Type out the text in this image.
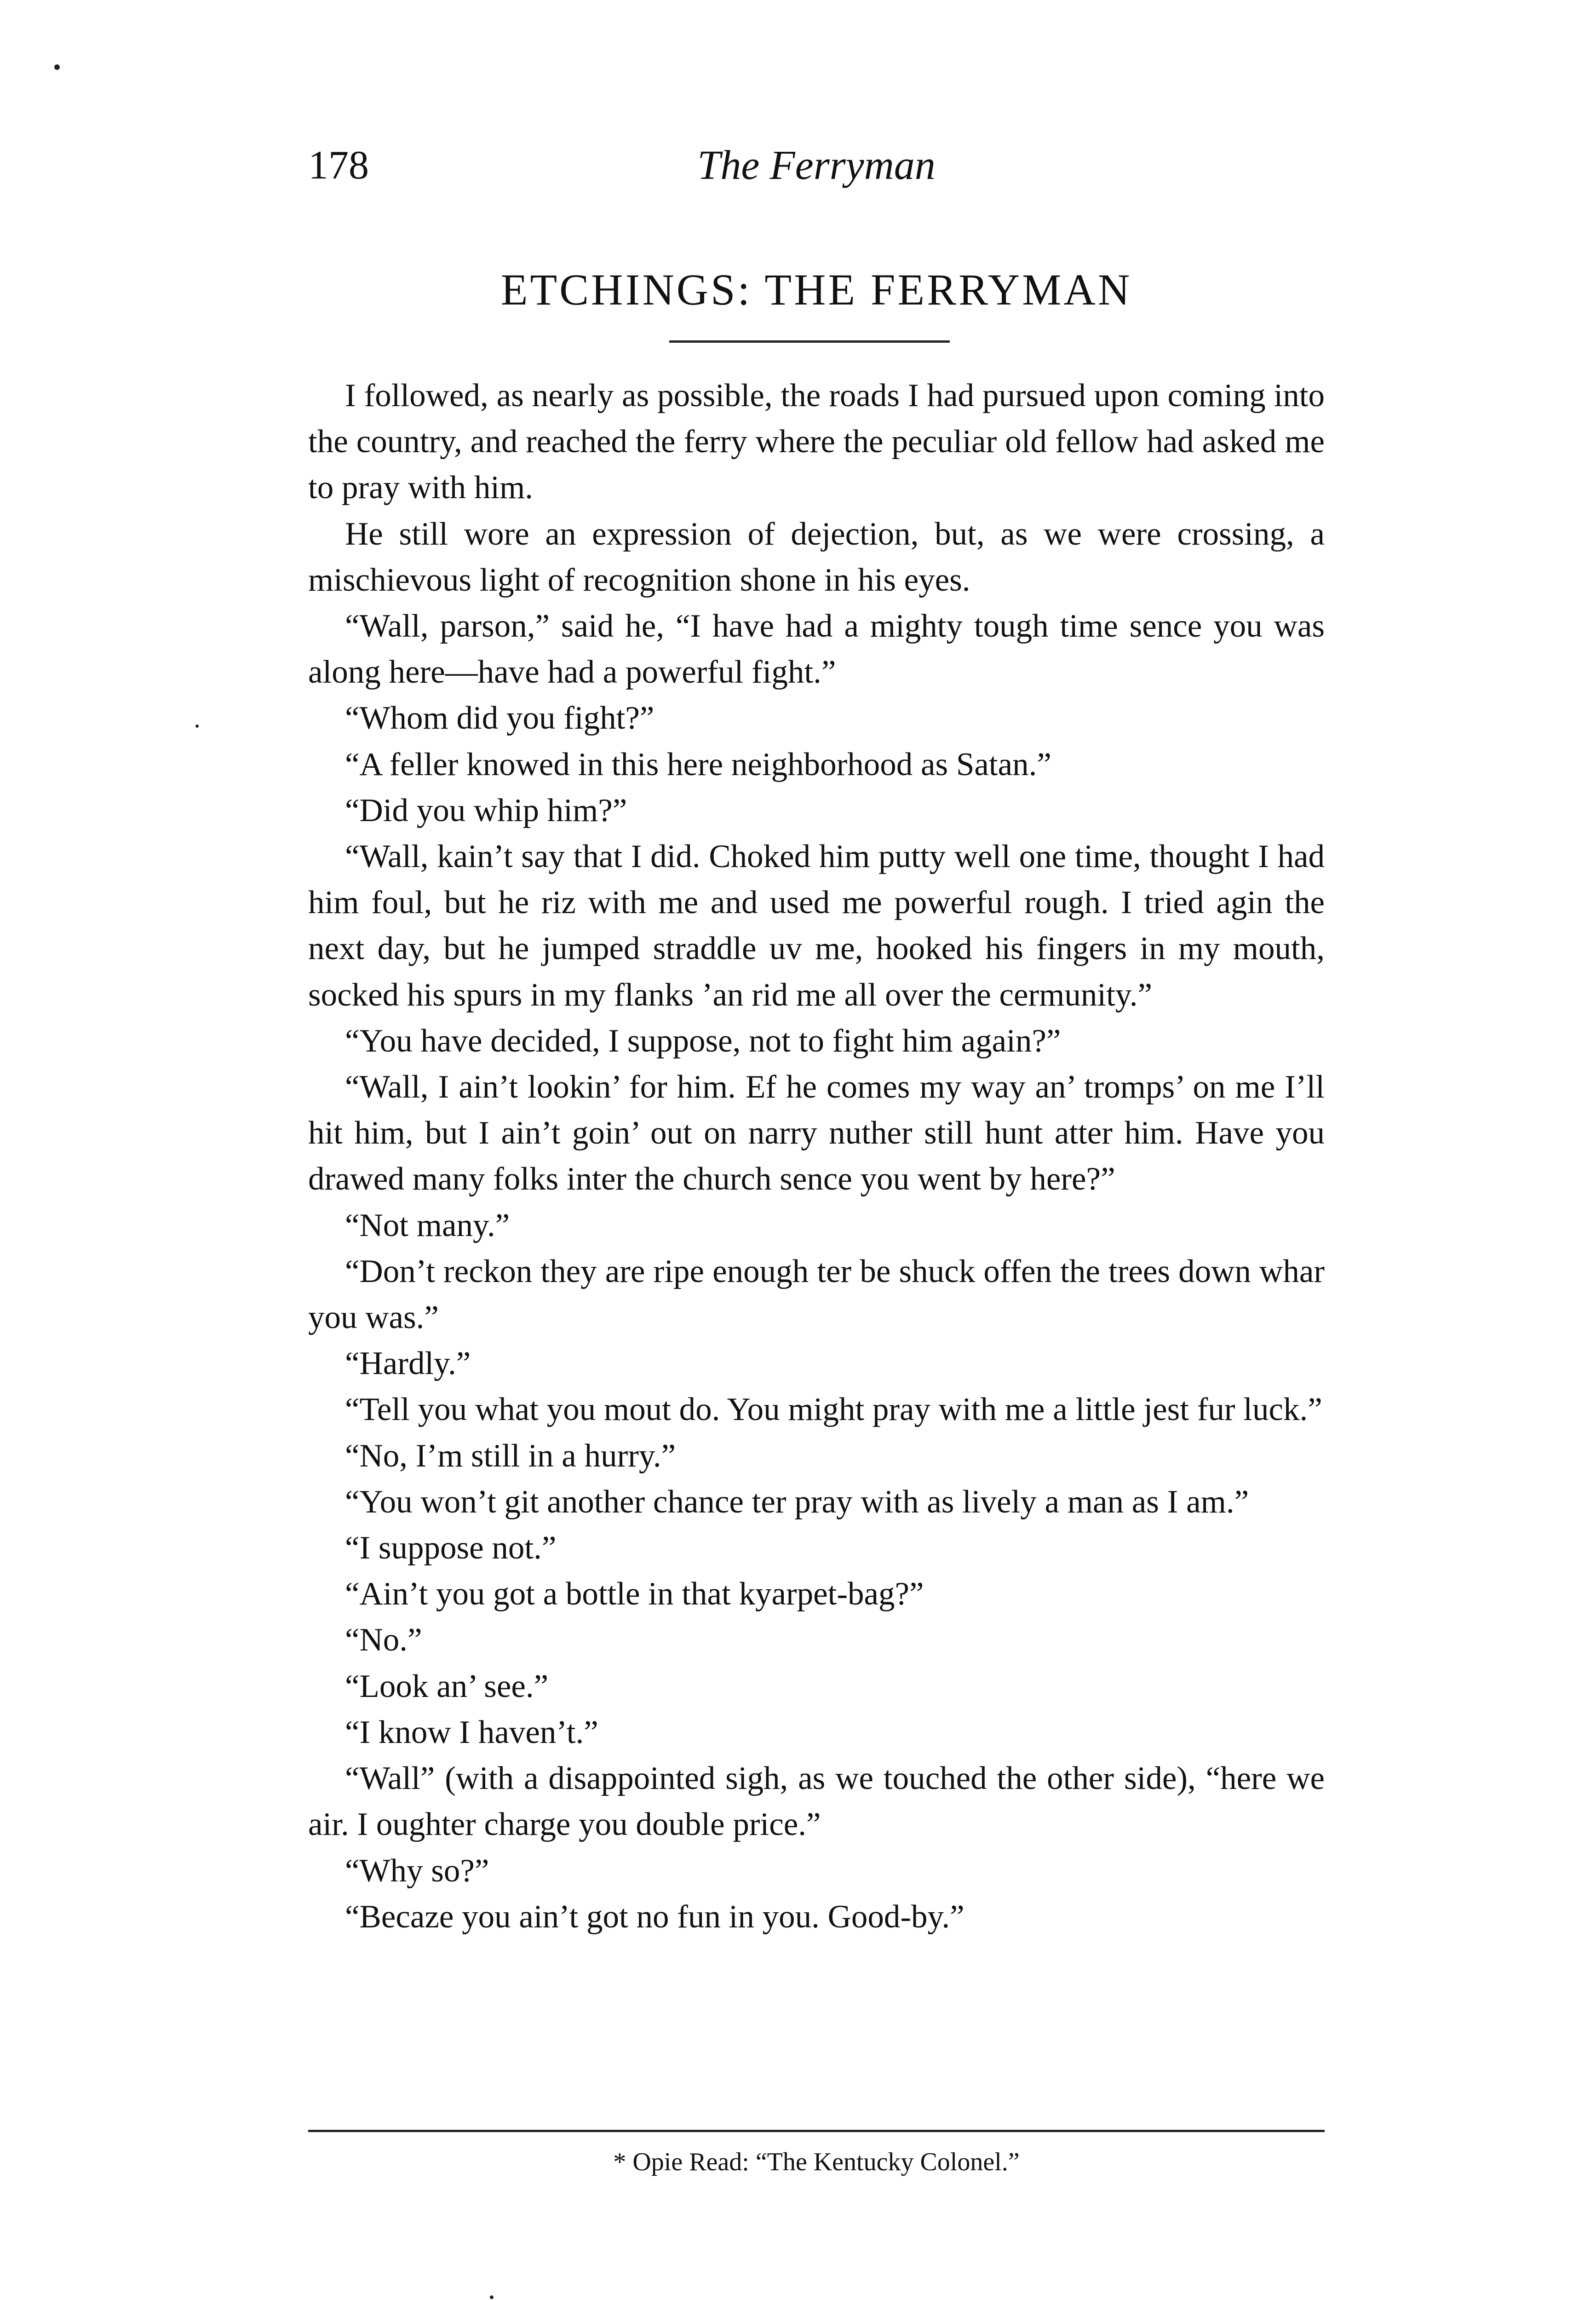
178	The Ferryman
ETCHINGS: THE FERRYMAN

I followed, as nearly as possible, the roads I had pursued upon coming into the country, and reached the ferry where the peculiar old fellow had asked me to pray with him.

He still wore an expression of dejection, but, as we were crossing, a mischievous light of recognition shone in his eyes.

“Wall, parson,” said he, “I have had a mighty tough time sence you was along here—have had a powerful fight.”

“Whom did you fight?”

“A feller knowed in this here neighborhood as Satan.”

“Did you whip him?”

“Wall, kain’t say that I did. Choked him putty well one time, thought I had him foul, but he riz with me and used me powerful rough. I tried agin the next day, but he jumped straddle uv me, hooked his fingers in my mouth, socked his spurs in my flanks ’an rid me all over the cermunity.”

“You have decided, I suppose, not to fight him again?”

“Wall, I ain’t lookin’ for him. Ef he comes my way an’ tromps’ on me I’ll hit him, but I ain’t goin’ out on narry nuther still hunt atter him. Have you drawed many folks inter the church sence you went by here?”

“Not many.”

“Don’t reckon they are ripe enough ter be shuck offen the trees down whar you was.”

“Hardly.”

“Tell you what you mout do. You might pray with me a little jest fur luck.”

“No, I’m still in a hurry.”

“You won’t git another chance ter pray with as lively a man as I am.”

“I suppose not.”

“Ain’t you got a bottle in that kyarpet-bag?”

“No.”

“Look an’ see.”

“I know I haven’t.”

“Wall” (with a disappointed sigh, as we touched the other side), “here we air. I oughter charge you double price.”

“Why so?”

“Becaze you ain’t got no fun in you. Good-by.”

* Opie Read: “The Kentucky Colonel.”
